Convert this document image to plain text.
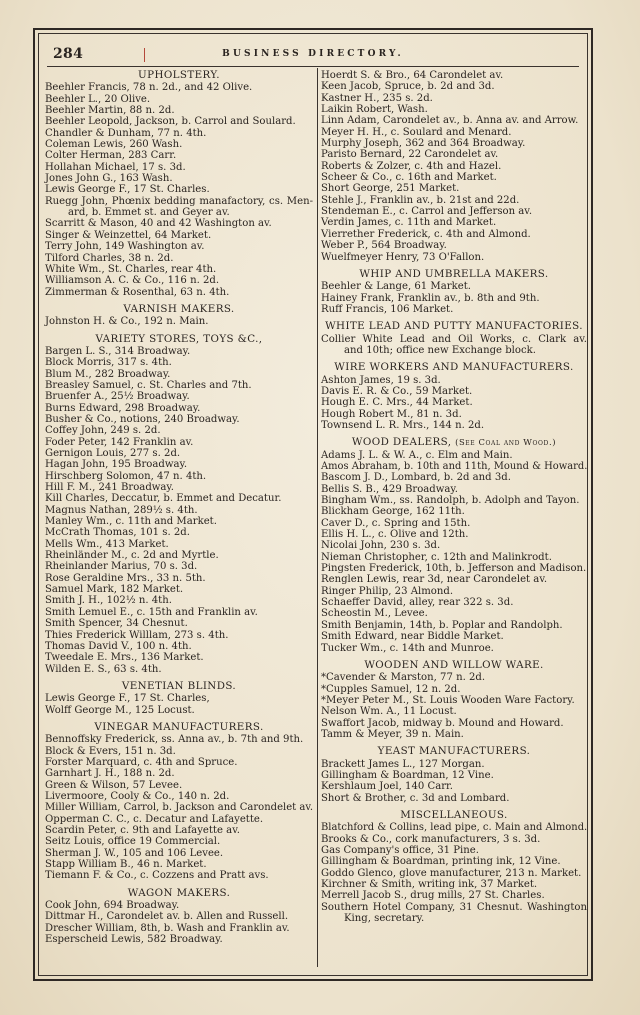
284	BUSINESS DIRECTORY.
UPHOLSTERY.
Beehler Francis, 78 n. 2d., and 42 Olive.
Beehler L., 20 Olive.
Beehler Martin, 88 n. 2d.
Beehler Leopold, Jackson, b. Carrol and Soulard.
Chandler & Dunham, 77 n. 4th.
Coleman Lewis, 260 Wash.
Colter Herman, 283 Carr.
Hollahan Michael, 17 s. 3d.
Jones John G., 163 Wash.
Lewis George F., 17 St. Charles.
Ruegg John, Phœnix bedding manafactory, cs. Men-
ard, b. Emmet st. and Geyer av.
Scarritt & Mason, 40 and 42 Washington av.
Singer & Weinzettel, 64 Market.
Terry John, 149 Washington av.
Tilford Charles, 38 n. 2d.
White Wm., St. Charles, rear 4th.
Williamson A. C. & Co., 116 n. 2d.
Zimmerman & Rosenthal, 63 n. 4th.
VARNISH MAKERS.
Johnston H. & Co., 192 n. Main.
VARIETY STORES, TOYS &C.,
Bargen L. S., 314 Broadway.
Block Morris, 317 s. 4th.
Blum M., 282 Broadway.
Breasley Samuel, c. St. Charles and 7th.
Bruenfer A., 25½ Broadway.
Burns Edward, 298 Broadway.
Busher & Co., notions, 240 Broadway.
Coffey John, 249 s. 2d.
Foder Peter, 142 Franklin av.
Gernigon Louis, 277 s. 2d.
Hagan John, 195 Broadway.
Hirschberg Solomon, 47 n. 4th.
Hill F. M., 241 Broadway.
Kill Charles, Deccatur, b. Emmet and Decatur.
Magnus Nathan, 289½ s. 4th.
Manley Wm., c. 11th and Market.
McCrath Thomas, 101 s. 2d.
Mells Wm., 413 Market.
Rheinländer M., c. 2d and Myrtle.
Rheinlander Marius, 70 s. 3d.
Rose Geraldine Mrs., 33 n. 5th.
Samuel Mark, 182 Market.
Smith J. H., 102½ n. 4th.
Smith Lemuel E., c. 15th and Franklin av.
Smith Spencer, 34 Chesnut.
Thies Frederick Willlam, 273 s. 4th.
Thomas David V., 100 n. 4th.
Tweedale E. Mrs., 136 Market.
Wilden E. S., 63 s. 4th.
VENETIAN BLINDS.
Lewis George F., 17 St. Charles,
Wolff George M., 125 Locust.
VINEGAR MANUFACTURERS.
Bennoffsky Frederick, ss. Anna av., b. 7th and 9th.
Block & Evers, 151 n. 3d.
Forster Marquard, c. 4th and Spruce.
Garnhart J. H., 188 n. 2d.
Green & Wilson, 57 Levee.
Livermoore, Cooly & Co., 140 n. 2d.
Miller William, Carrol, b. Jackson and Carondelet av.
Opperman C. C., c. Decatur and Lafayette.
Scardin Peter, c. 9th and Lafayette av.
Seitz Louis, office 19 Commercial.
Sherman J. W., 105 and 106 Levee.
Stapp William B., 46 n. Market.
Tiemann F. & Co., c. Cozzens and Pratt avs.
WAGON MAKERS.
Cook John, 694 Broadway.
Dittmar H., Carondelet av. b. Allen and Russell.
Drescher William, 8th, b. Wash and Franklin av.
Esperscheid Lewis, 582 Broadway.
Hoerdt S. & Bro., 64 Carondelet av.
Keen Jacob, Spruce, b. 2d and 3d.
Kastner H., 235 s. 2d.
Laikin Robert, Wash.
Linn Adam, Carondelet av., b. Anna av. and Arrow.
Meyer H. H., c. Soulard and Menard.
Murphy Joseph, 362 and 364 Broadway.
Paristo Bernard, 22 Carondelet av.
Roberts & Zolzer, c. 4th and Hazel.
Scheer & Co., c. 16th and Market.
Short George, 251 Market.
Stehle J., Franklin av., b. 21st and 22d.
Stendeman E., c. Carrol and Jefferson av.
Verdin James, c. 11th and Market.
Vierrether Frederick, c. 4th and Almond.
Weber P., 564 Broadway.
Wuelfmeyer Henry, 73 O'Fallon.
WHIP AND UMBRELLA MAKERS.
Beehler & Lange, 61 Market.
Hainey Frank, Franklin av., b. 8th and 9th.
Ruff Francis, 106 Market.
WHITE LEAD AND PUTTY MANUFACTORIES.
Collier White Lead and Oil Works, c. Clark av.
and 10th; office new Exchange block.
WIRE WORKERS AND MANUFACTURERS.
Ashton James, 19 s. 3d.
Davis E. R. & Co., 59 Market.
Hough E. C. Mrs., 44 Market.
Hough Robert M., 81 n. 3d.
Townsend L. R. Mrs., 144 n. 2d.
WOOD DEALERS, (See Coal and Wood.)
Adams J. L. & W. A., c. Elm and Main.
Amos Abraham, b. 10th and 11th, Mound & Howard.
Bascom J. D., Lombard, b. 2d and 3d.
Bellis S. B., 429 Broadway.
Bingham Wm., ss. Randolph, b. Adolph and Tayon.
Blickham George, 162 11th.
Caver D., c. Spring and 15th.
Ellis H. L., c. Olive and 12th.
Nicolai John, 230 s. 3d.
Nieman Christopher, c. 12th and Malinkrodt.
Pingsten Frederick, 10th, b. Jefferson and Madison.
Renglen Lewis, rear 3d, near Carondelet av.
Ringer Philip, 23 Almond.
Schaeffer David, alley, rear 322 s. 3d.
Scheostin M., Levee.
Smith Benjamin, 14th, b. Poplar and Randolph.
Smith Edward, near Biddle Market.
Tucker Wm., c. 14th and Munroe.
WOODEN AND WILLOW WARE.
*Cavender & Marston, 77 n. 2d.
*Cupples Samuel, 12 n. 2d.
*Meyer Peter M., St. Louis Wooden Ware Factory.
Nelson Wm. A., 11 Locust.
Swaffort Jacob, midway b. Mound and Howard.
Tamm & Meyer, 39 n. Main.
YEAST MANUFACTURERS.
Brackett James L., 127 Morgan.
Gillingham & Boardman, 12 Vine.
Kershlaum Joel, 140 Carr.
Short & Brother, c. 3d and Lombard.
MISCELLANEOUS.
Blatchford & Collins, lead pipe, c. Main and Almond.
Brooks & Co., cork manufacturers, 3 s. 3d.
Gas Company's office, 31 Pine.
Gillingham & Boardman, printing ink, 12 Vine.
Goddo Glenco, glove manufacturer, 213 n. Market.
Kirchner & Smith, writing ink, 37 Market.
Merrell Jacob S., drug mills, 27 St. Charles.
Southern Hotel Company, 31 Chesnut. Washington
King, secretary.
